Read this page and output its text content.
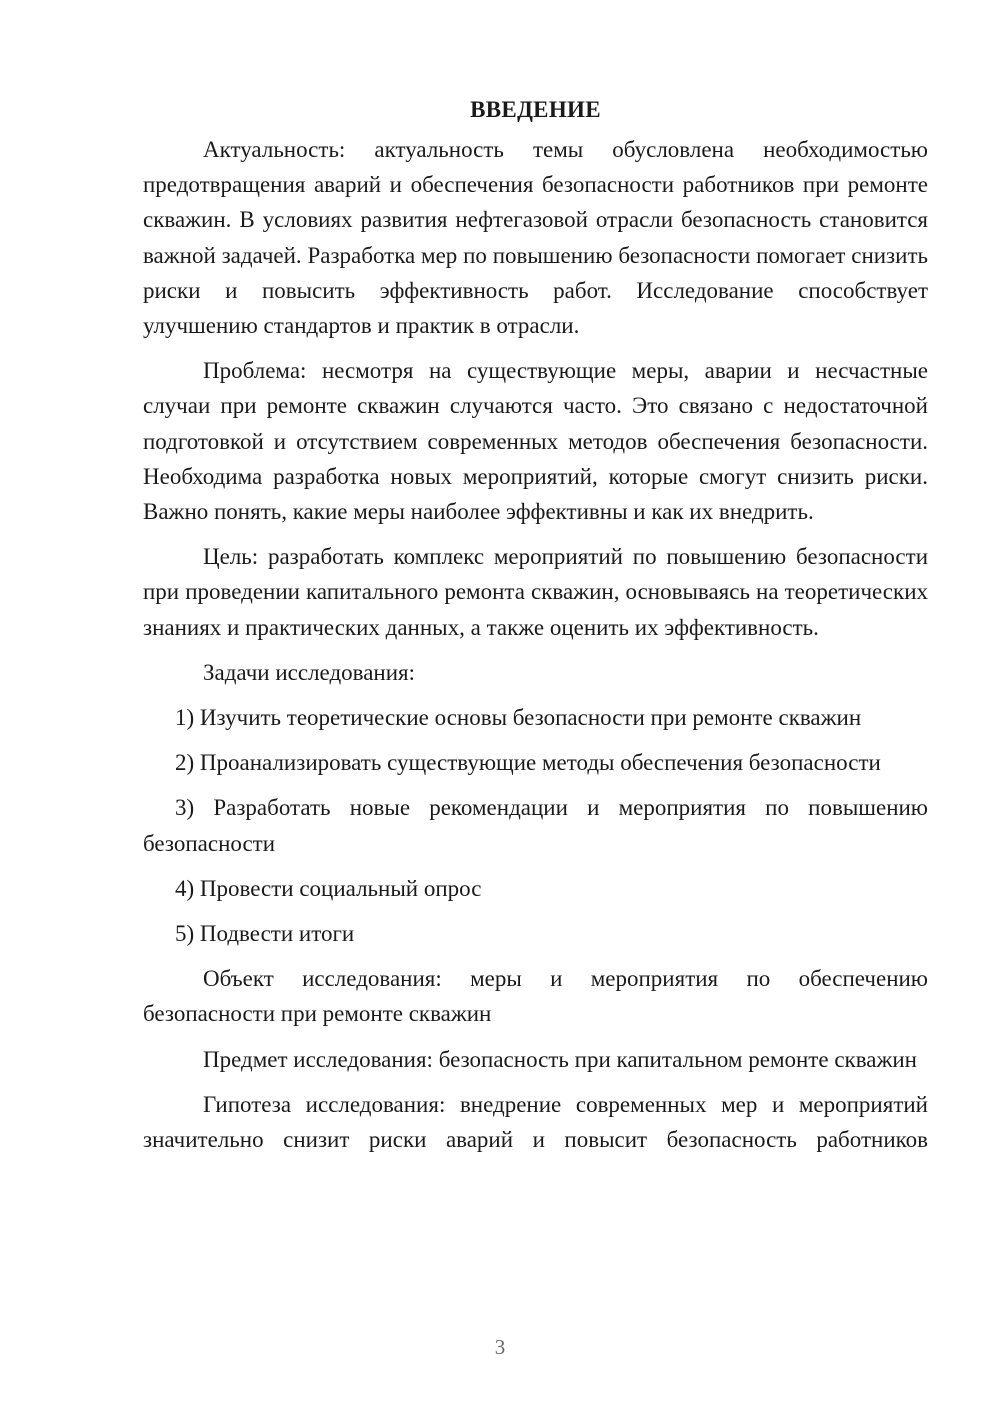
ВВЕДЕНИЕ

Актуальность: актуальность темы обусловлена необходимостью предотвращения аварий и обеспечения безопасности работников при ремонте скважин. В условиях развития нефтегазовой отрасли безопасность становится важной задачей. Разработка мер по повышению безопасности помогает снизить риски и повысить эффективность работ. Исследование способствует улучшению стандартов и практик в отрасли.

Проблема: несмотря на существующие меры, аварии и несчастные случаи при ремонте скважин случаются часто. Это связано с недостаточной подготовкой и отсутствием современных методов обеспечения безопасности. Необходима разработка новых мероприятий, которые смогут снизить риски. Важно понять, какие меры наиболее эффективны и как их внедрить.

Цель: разработать комплекс мероприятий по повышению безопасности при проведении капитального ремонта скважин, основываясь на теоретических знаниях и практических данных, а также оценить их эффективность.

Задачи исследования:

1) Изучить теоретические основы безопасности при ремонте скважин

2) Проанализировать существующие методы обеспечения безопасности

3) Разработать новые рекомендации и мероприятия по повышению безопасности

4) Провести социальный опрос

5) Подвести итоги

Объект исследования: меры и мероприятия по обеспечению безопасности при ремонте скважин

Предмет исследования: безопасность при капитальном ремонте скважин

Гипотеза исследования: внедрение современных мер и мероприятий значительно снизит риски аварий и повысит безопасность работников

3
